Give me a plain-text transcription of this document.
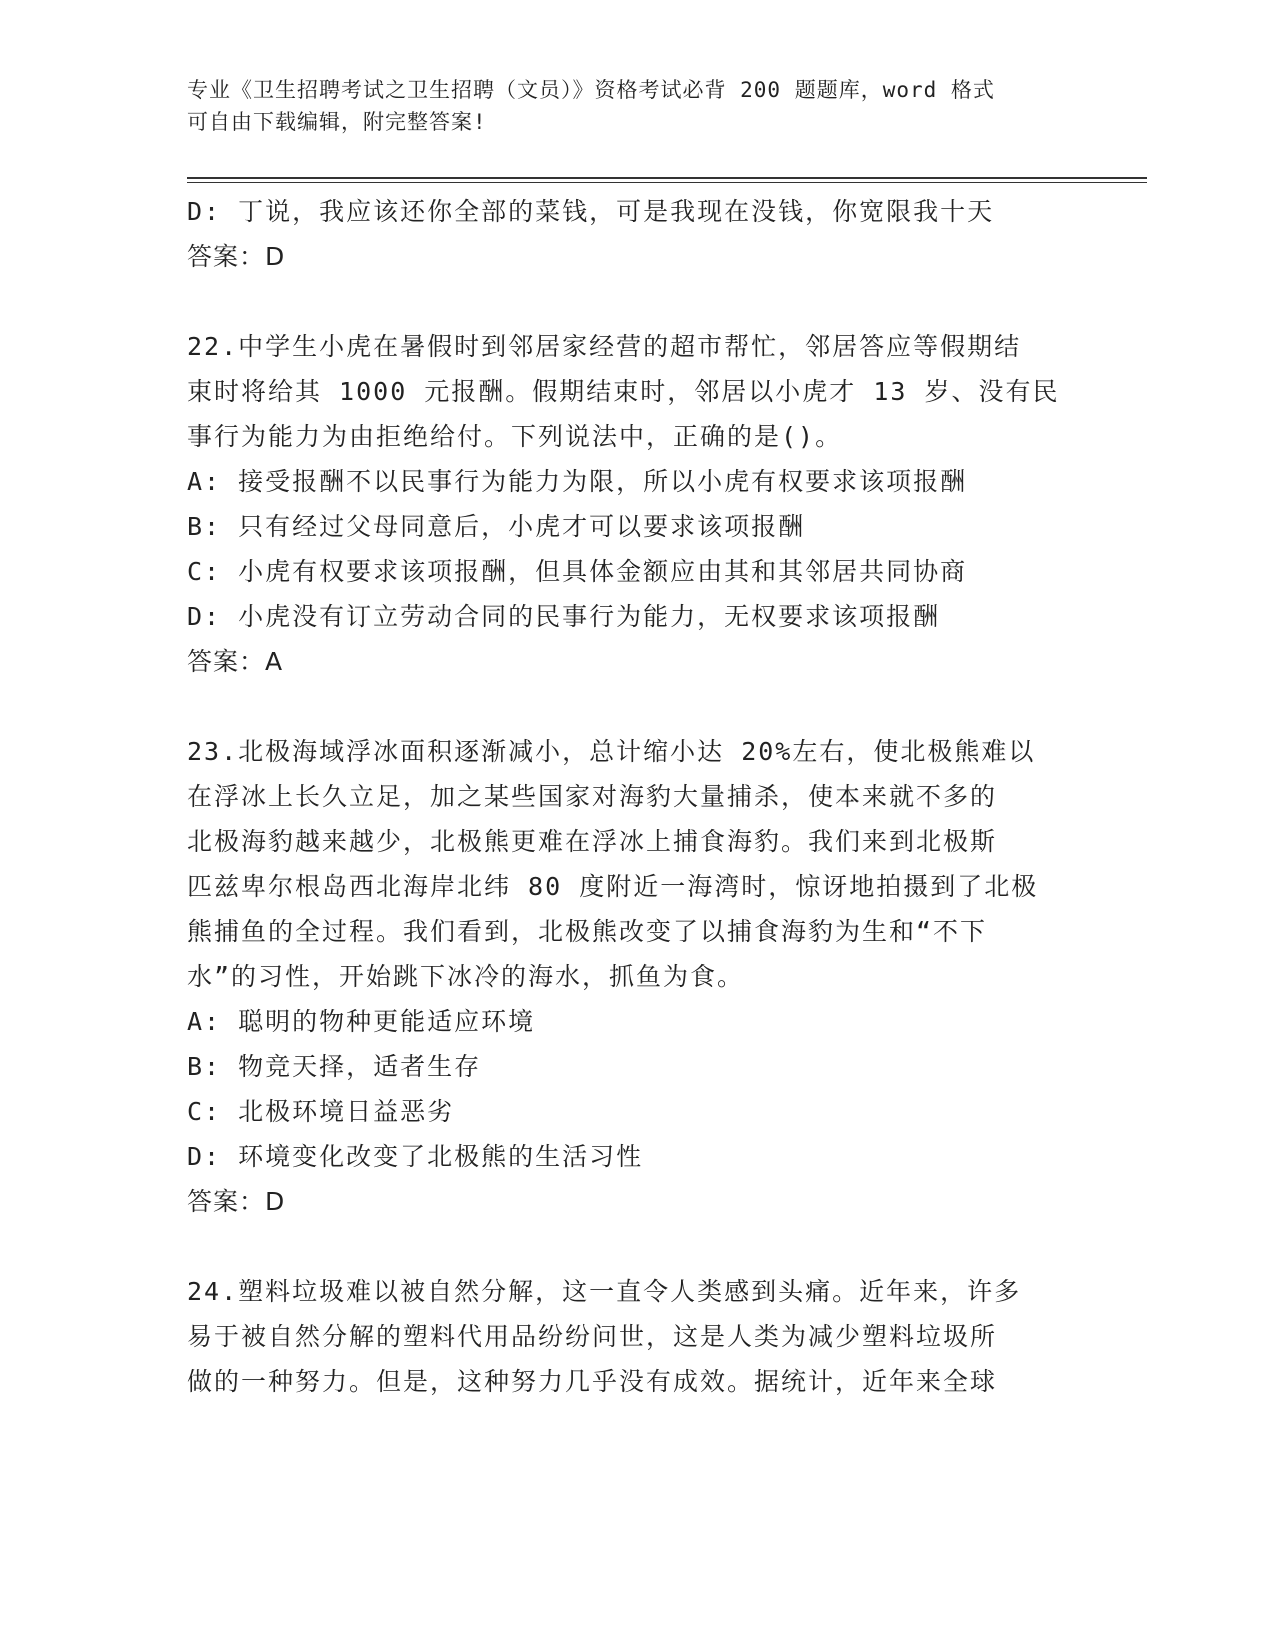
专业《卫生招聘考试之卫生招聘（文员）》资格考试必背 200 题题库，word 格式
可自由下载编辑，附完整答案!
D: 丁说，我应该还你全部的菜钱，可是我现在没钱，你宽限我十天
答案：D
22.中学生小虎在暑假时到邻居家经营的超市帮忙，邻居答应等假期结
束时将给其 1000 元报酬。假期结束时，邻居以小虎才 13 岁、没有民
事行为能力为由拒绝给付。下列说法中，正确的是()。
A: 接受报酬不以民事行为能力为限，所以小虎有权要求该项报酬
B: 只有经过父母同意后，小虎才可以要求该项报酬
C: 小虎有权要求该项报酬，但具体金额应由其和其邻居共同协商
D: 小虎没有订立劳动合同的民事行为能力，无权要求该项报酬
答案：A
23.北极海域浮冰面积逐渐减小，总计缩小达 20%左右，使北极熊难以
在浮冰上长久立足，加之某些国家对海豹大量捕杀，使本来就不多的
北极海豹越来越少，北极熊更难在浮冰上捕食海豹。我们来到北极斯
匹兹卑尔根岛西北海岸北纬 80 度附近一海湾时，惊讶地拍摄到了北极
熊捕鱼的全过程。我们看到，北极熊改变了以捕食海豹为生和“不下
水”的习性，开始跳下冰冷的海水，抓鱼为食。
A: 聪明的物种更能适应环境
B: 物竞天择，适者生存
C: 北极环境日益恶劣
D: 环境变化改变了北极熊的生活习性
答案：D
24.塑料垃圾难以被自然分解，这一直令人类感到头痛。近年来，许多
易于被自然分解的塑料代用品纷纷问世，这是人类为减少塑料垃圾所
做的一种努力。但是，这种努力几乎没有成效。据统计，近年来全球
